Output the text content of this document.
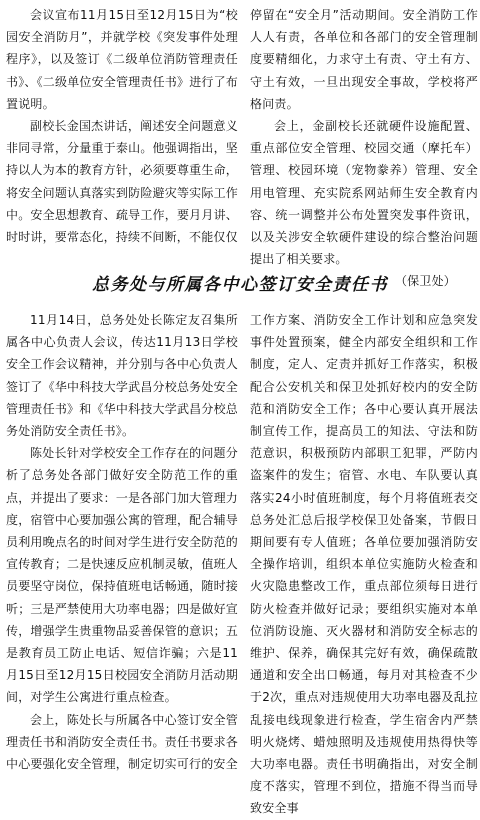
会议宣布11月15日至12月15日为“校园安全消防月”，并就学校《突发事件处理程序》，以及签订《二级单位消防管理责任书》、《二级单位安全管理责任书》进行了布置说明。

副校长金国杰讲话，阐述安全问题意义非同寻常，分量重于泰山。他强调指出，坚持以人为本的教育方针，必须要尊重生命，将安全问题认真落实到防险避灾等实际工作中。安全思想教育、疏导工作，要月月讲、时时讲，要常态化，持续不间断，不能仅仅

停留在“安全月”活动期间。安全消防工作人人有责，各单位和各部门的安全管理制度要精细化，力求守土有责、守土有方、守土有效，一旦出现安全事故，学校将严格问责。

会上，金副校长还就硬件设施配置、重点部位安全管理、校园交通（摩托车）管理、校园环境（宠物豢养）管理、安全用电管理、充实院系网站师生安全教育内容、统一调整并公布处置突发事件资讯，以及关涉安全软硬件建设的综合整治问题提出了相关要求。

（保卫处）

总务处与所属各中心签订安全责任书

11月14日，总务处处长陈定友召集所属各中心负责人会议，传达11月13日学校安全工作会议精神，并分别与各中心负责人签订了《华中科技大学武昌分校总务处安全管理责任书》和《华中科技大学武昌分校总务处消防安全责任书》。

陈处长针对学校安全工作存在的问题分析了总务处各部门做好安全防范工作的重点，并提出了要求：一是各部门加大管理力度，宿管中心要加强公寓的管理，配合辅导员利用晚点名的时间对学生进行安全防范的宣传教育；二是快速反应机制灵敏，值班人员要坚守岗位，保持值班电话畅通，随时接听；三是严禁使用大功率电器；四是做好宣传，增强学生贵重物品妥善保管的意识；五是教育员工防止电话、短信诈骗；六是11月15日至12月15日校园安全消防月活动期间，对学生公寓进行重点检查。

会上，陈处长与所属各中心签订安全管理责任书和消防安全责任书。责任书要求各中心要强化安全管理，制定切实可行的安全

工作方案、消防安全工作计划和应急突发事件处置预案，健全内部安全组织和工作制度，定人、定责并抓好工作落实，积极配合公安机关和保卫处抓好校内的安全防范和消防安全工作；各中心要认真开展法制宣传工作，提高员工的知法、守法和防范意识，积极预防内部职工犯罪，严防内盗案件的发生；宿管、水电、车队要认真落实24小时值班制度，每个月将值班表交总务处汇总后报学校保卫处备案，节假日期间要有专人值班；各单位要加强消防安全操作培训，组织本单位实施防火检查和火灾隐患整改工作，重点部位须每日进行防火检查并做好记录；要组织实施对本单位消防设施、灭火器材和消防安全标志的维护、保养，确保其完好有效，确保疏散通道和安全出口畅通，每月对其检查不少于2次，重点对违规使用大功率电器及乱拉乱接电线现象进行检查，学生宿舍内严禁明火烧烤、蜡烛照明及违规使用热得快等大功率电器。责任书明确指出，对安全制度不落实，管理不到位，措施不得当而导致安全事
